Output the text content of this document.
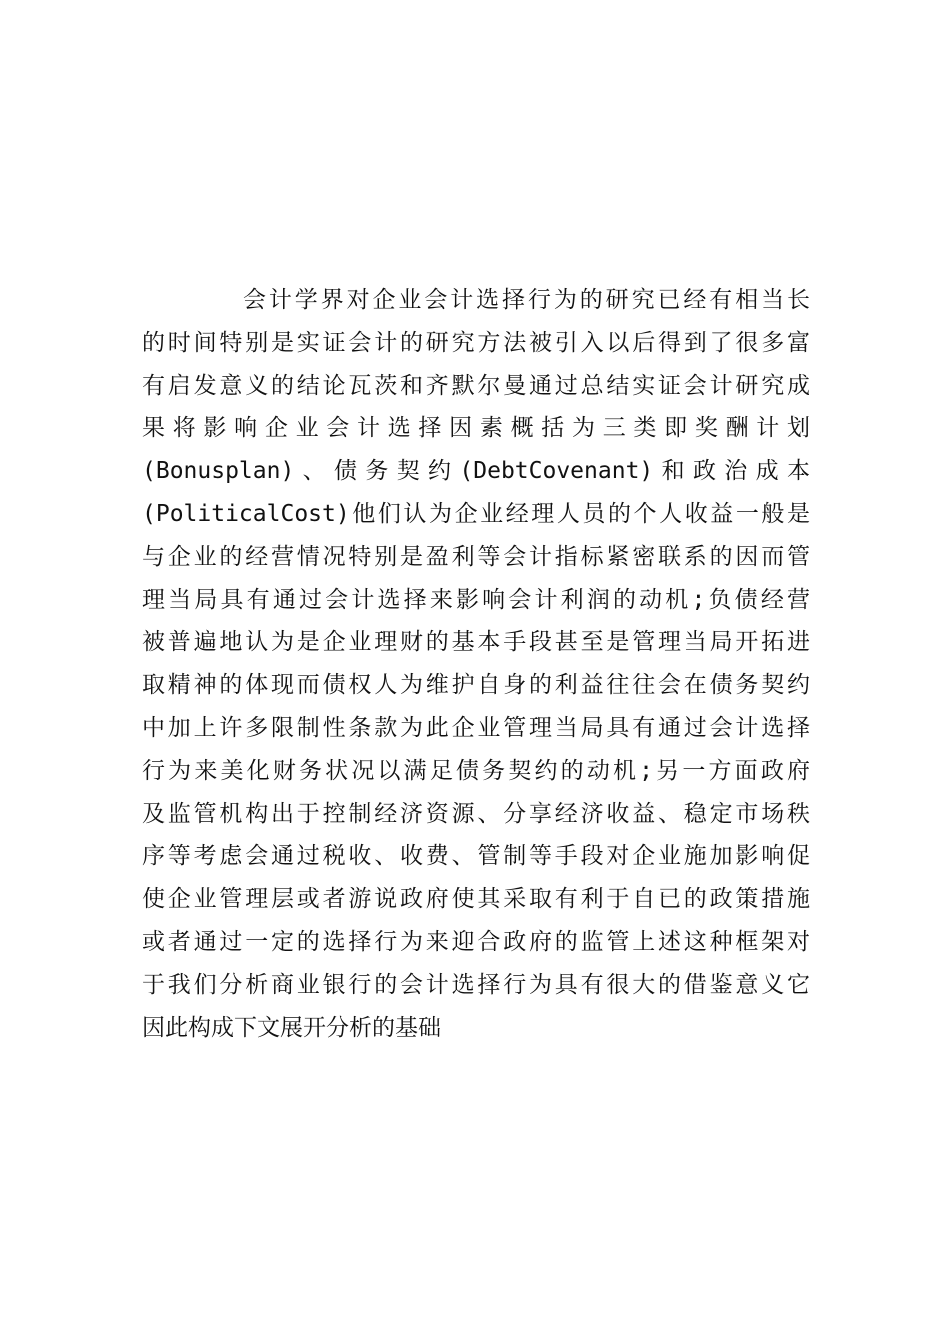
会​计​学​界​对​企​业​会​计​选​择​行​为​的​研​究​已​经​有​相​当​长
的​时​间​特​别​是​实​证​会​计​的​研​究​方​法​被​引​入​以​后​得​到​了​很​多​富
有​启​发​意​义​的​结​论​瓦​茨​和​齐​默​尔​曼​通​过​总​结​实​证​会​计​研​究​成
果​将​影​响​企​业​会​计​选​择​因​素​概​括​为​三​类​即​奖​酬​计​划
(​B​o​n​u​s​p​l​a​n​)​、​债​务​契​约​(​D​e​b​t​C​o​v​e​n​a​n​t​)​和​政​治​成​本
(​P​o​l​i​t​i​c​a​l​C​o​s​t​)​他​们​认​为​企​业​经​理​人​员​的​个​人​收​益​一​般​是
与​企​业​的​经​营​情​况​特​别​是​盈​利​等​会​计​指​标​紧​密​联​系​的​因​而​管
理​当​局​具​有​通​过​会​计​选​择​来​影​响​会​计​利​润​的​动​机​;​负​债​经​营
被​普​遍​地​认​为​是​企​业​理​财​的​基​本​手​段​甚​至​是​管​理​当​局​开​拓​进
取​精​神​的​体​现​而​债​权​人​为​维​护​自​身​的​利​益​往​往​会​在​债​务​契​约
中​加​上​许​多​限​制​性​条​款​为​此​企​业​管​理​当​局​具​有​通​过​会​计​选​择
行​为​来​美​化​财​务​状​况​以​满​足​债​务​契​约​的​动​机​;​另​一​方​面​政​府
及​监​管​机​构​出​于​控​制​经​济​资​源​、​分​享​经​济​收​益​、​稳​定​市​场​秩
序​等​考​虑​会​通​过​税​收​、​收​费​、​管​制​等​手​段​对​企​业​施​加​影​响​促
使​企​业​管​理​层​或​者​游​说​政​府​使​其​采​取​有​利​于​自​已​的​政​策​措​施
或​者​通​过​一​定​的​选​择​行​为​来​迎​合​政​府​的​监​管​上​述​这​种​框​架​对
于​我​们​分​析​商​业​银​行​的​会​计​选​择​行​为​具​有​很​大​的​借​鉴​意​义​它
因此构成下文展开分析的基础
